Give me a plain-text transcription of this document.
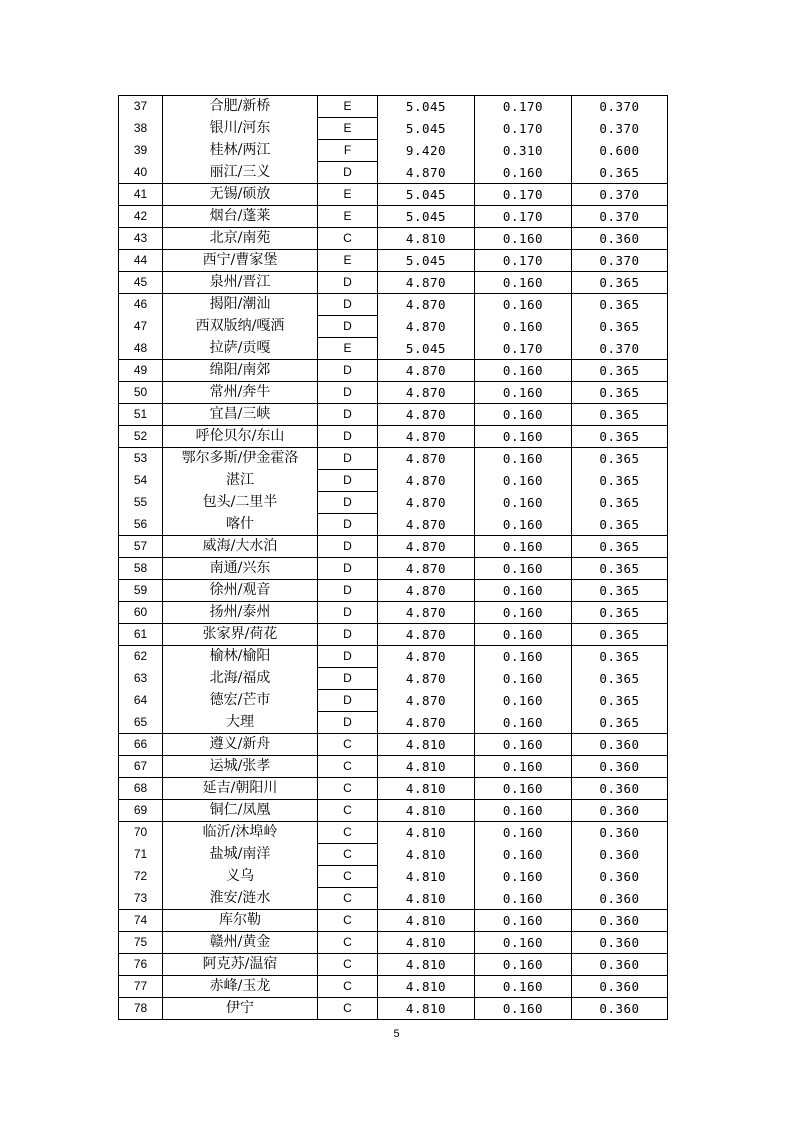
37	合肥/新桥	E	5.045	0.170	0.370
38	银川/河东	E	5.045	0.170	0.370
39	桂林/两江	F	9.420	0.310	0.600
40	丽江/三义	D	4.870	0.160	0.365
41	无锡/硕放	E	5.045	0.170	0.370
42	烟台/蓬莱	E	5.045	0.170	0.370
43	北京/南苑	C	4.810	0.160	0.360
44	西宁/曹家堡	E	5.045	0.170	0.370
45	泉州/晋江	D	4.870	0.160	0.365
46	揭阳/潮汕	D	4.870	0.160	0.365
47	西双版纳/嘎洒	D	4.870	0.160	0.365
48	拉萨/贡嘎	E	5.045	0.170	0.370
49	绵阳/南郊	D	4.870	0.160	0.365
50	常州/奔牛	D	4.870	0.160	0.365
51	宜昌/三峡	D	4.870	0.160	0.365
52	呼伦贝尔/东山	D	4.870	0.160	0.365
53	鄂尔多斯/伊金霍洛	D	4.870	0.160	0.365
54	湛江	D	4.870	0.160	0.365
55	包头/二里半	D	4.870	0.160	0.365
56	喀什	D	4.870	0.160	0.365
57	威海/大水泊	D	4.870	0.160	0.365
58	南通/兴东	D	4.870	0.160	0.365
59	徐州/观音	D	4.870	0.160	0.365
60	扬州/泰州	D	4.870	0.160	0.365
61	张家界/荷花	D	4.870	0.160	0.365
62	榆林/榆阳	D	4.870	0.160	0.365
63	北海/福成	D	4.870	0.160	0.365
64	德宏/芒市	D	4.870	0.160	0.365
65	大理	D	4.870	0.160	0.365
66	遵义/新舟	C	4.810	0.160	0.360
67	运城/张孝	C	4.810	0.160	0.360
68	延吉/朝阳川	C	4.810	0.160	0.360
69	铜仁/凤凰	C	4.810	0.160	0.360
70	临沂/沐埠岭	C	4.810	0.160	0.360
71	盐城/南洋	C	4.810	0.160	0.360
72	义乌	C	4.810	0.160	0.360
73	淮安/涟水	C	4.810	0.160	0.360
74	库尔勒	C	4.810	0.160	0.360
75	赣州/黄金	C	4.810	0.160	0.360
76	阿克苏/温宿	C	4.810	0.160	0.360
77	赤峰/玉龙	C	4.810	0.160	0.360
78	伊宁	C	4.810	0.160	0.360
5
